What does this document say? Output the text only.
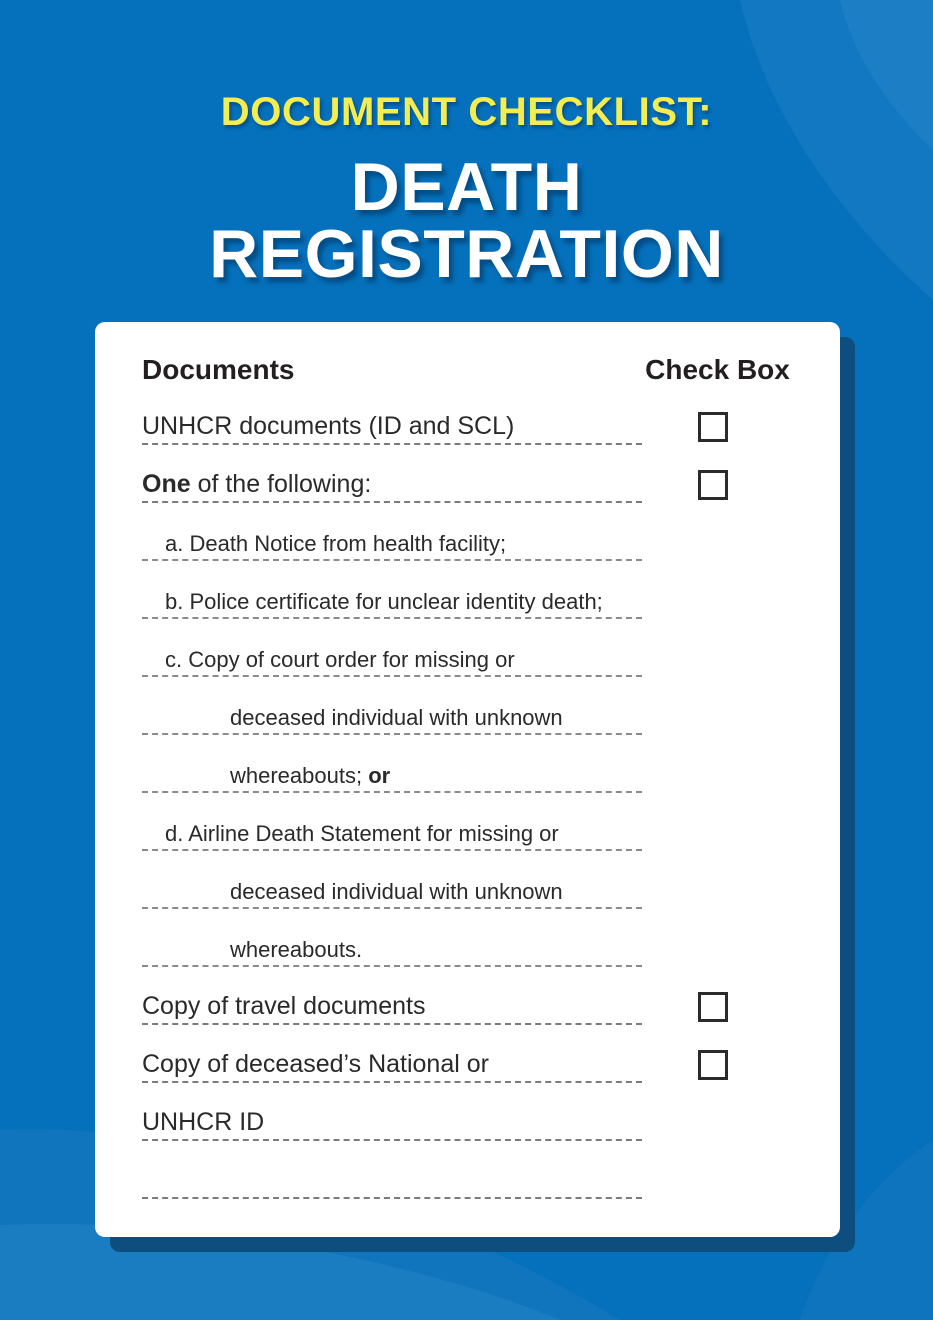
DOCUMENT CHECKLIST:
DEATH
REGISTRATION
Documents	Check Box
UNHCR documents (ID and SCL)
One of the following:
a. Death Notice from health facility;
b. Police certificate for unclear identity death;
c. Copy of court order for missing or
deceased individual with unknown
whereabouts; or
d. Airline Death Statement for missing or
deceased individual with unknown
whereabouts.
Copy of travel documents
Copy of deceased’s National or
UNHCR ID
